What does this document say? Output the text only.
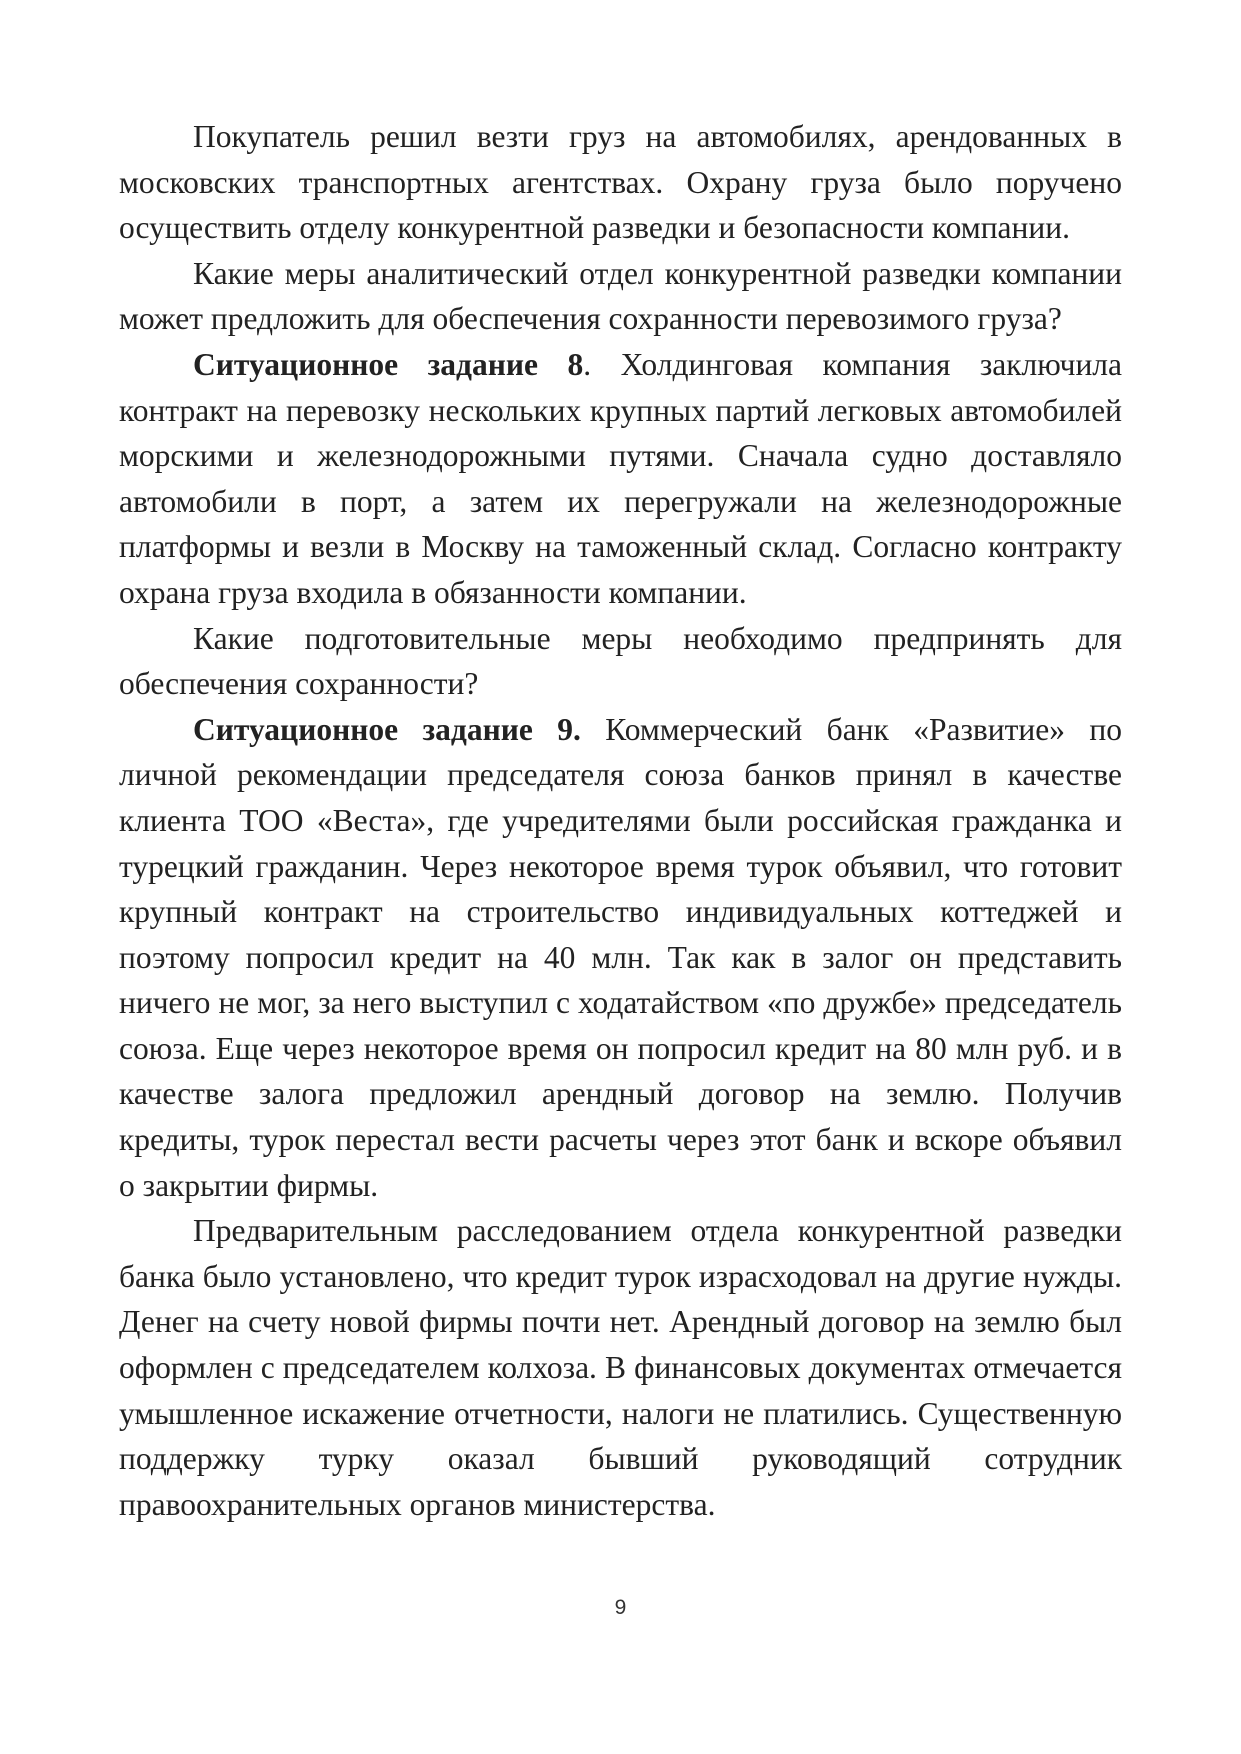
Покупатель решил везти груз на автомобилях, арендованных в московских транспортных агентствах. Охрану груза было поручено осуществить отделу конкурентной разведки и безопасности компании.

Какие меры аналитический отдел конкурентной разведки компании может предложить для обеспечения сохранности перевозимого груза?

Ситуационное задание 8. Холдинговая компания заключила контракт на перевозку нескольких крупных партий легковых автомобилей морскими и железнодорожными путями. Сначала судно доставляло автомобили в порт, а затем их перегружали на железнодорожные платформы и везли в Москву на таможенный склад. Согласно контракту охрана груза входила в обязанности компании.

Какие подготовительные меры необходимо предпринять для обеспечения сохранности?

Ситуационное задание 9. Коммерческий банк «Развитие» по личной рекомендации председателя союза банков принял в качестве клиента ТОО «Веста», где учредителями были российская гражданка и турецкий гражданин. Через некоторое время турок объявил, что готовит крупный контракт на строительство индивидуальных коттеджей и поэтому попросил кредит на 40 млн. Так как в залог он представить ничего не мог, за него выступил с ходатайством «по дружбе» председатель союза. Еще через некоторое время он попросил кредит на 80 млн руб. и в качестве залога предложил арендный договор на землю. Получив кредиты, турок перестал вести расчеты через этот банк и вскоре объявил о закрытии фирмы.

Предварительным расследованием отдела конкурентной разведки банка было установлено, что кредит турок израсходовал на другие нужды. Денег на счету новой фирмы почти нет. Арендный договор на землю был оформлен с председателем колхоза. В финансовых документах отмечается умышленное искажение отчетности, налоги не платились. Существенную поддержку турку оказал бывший руководящий сотрудник правоохранительных органов министерства.

9
